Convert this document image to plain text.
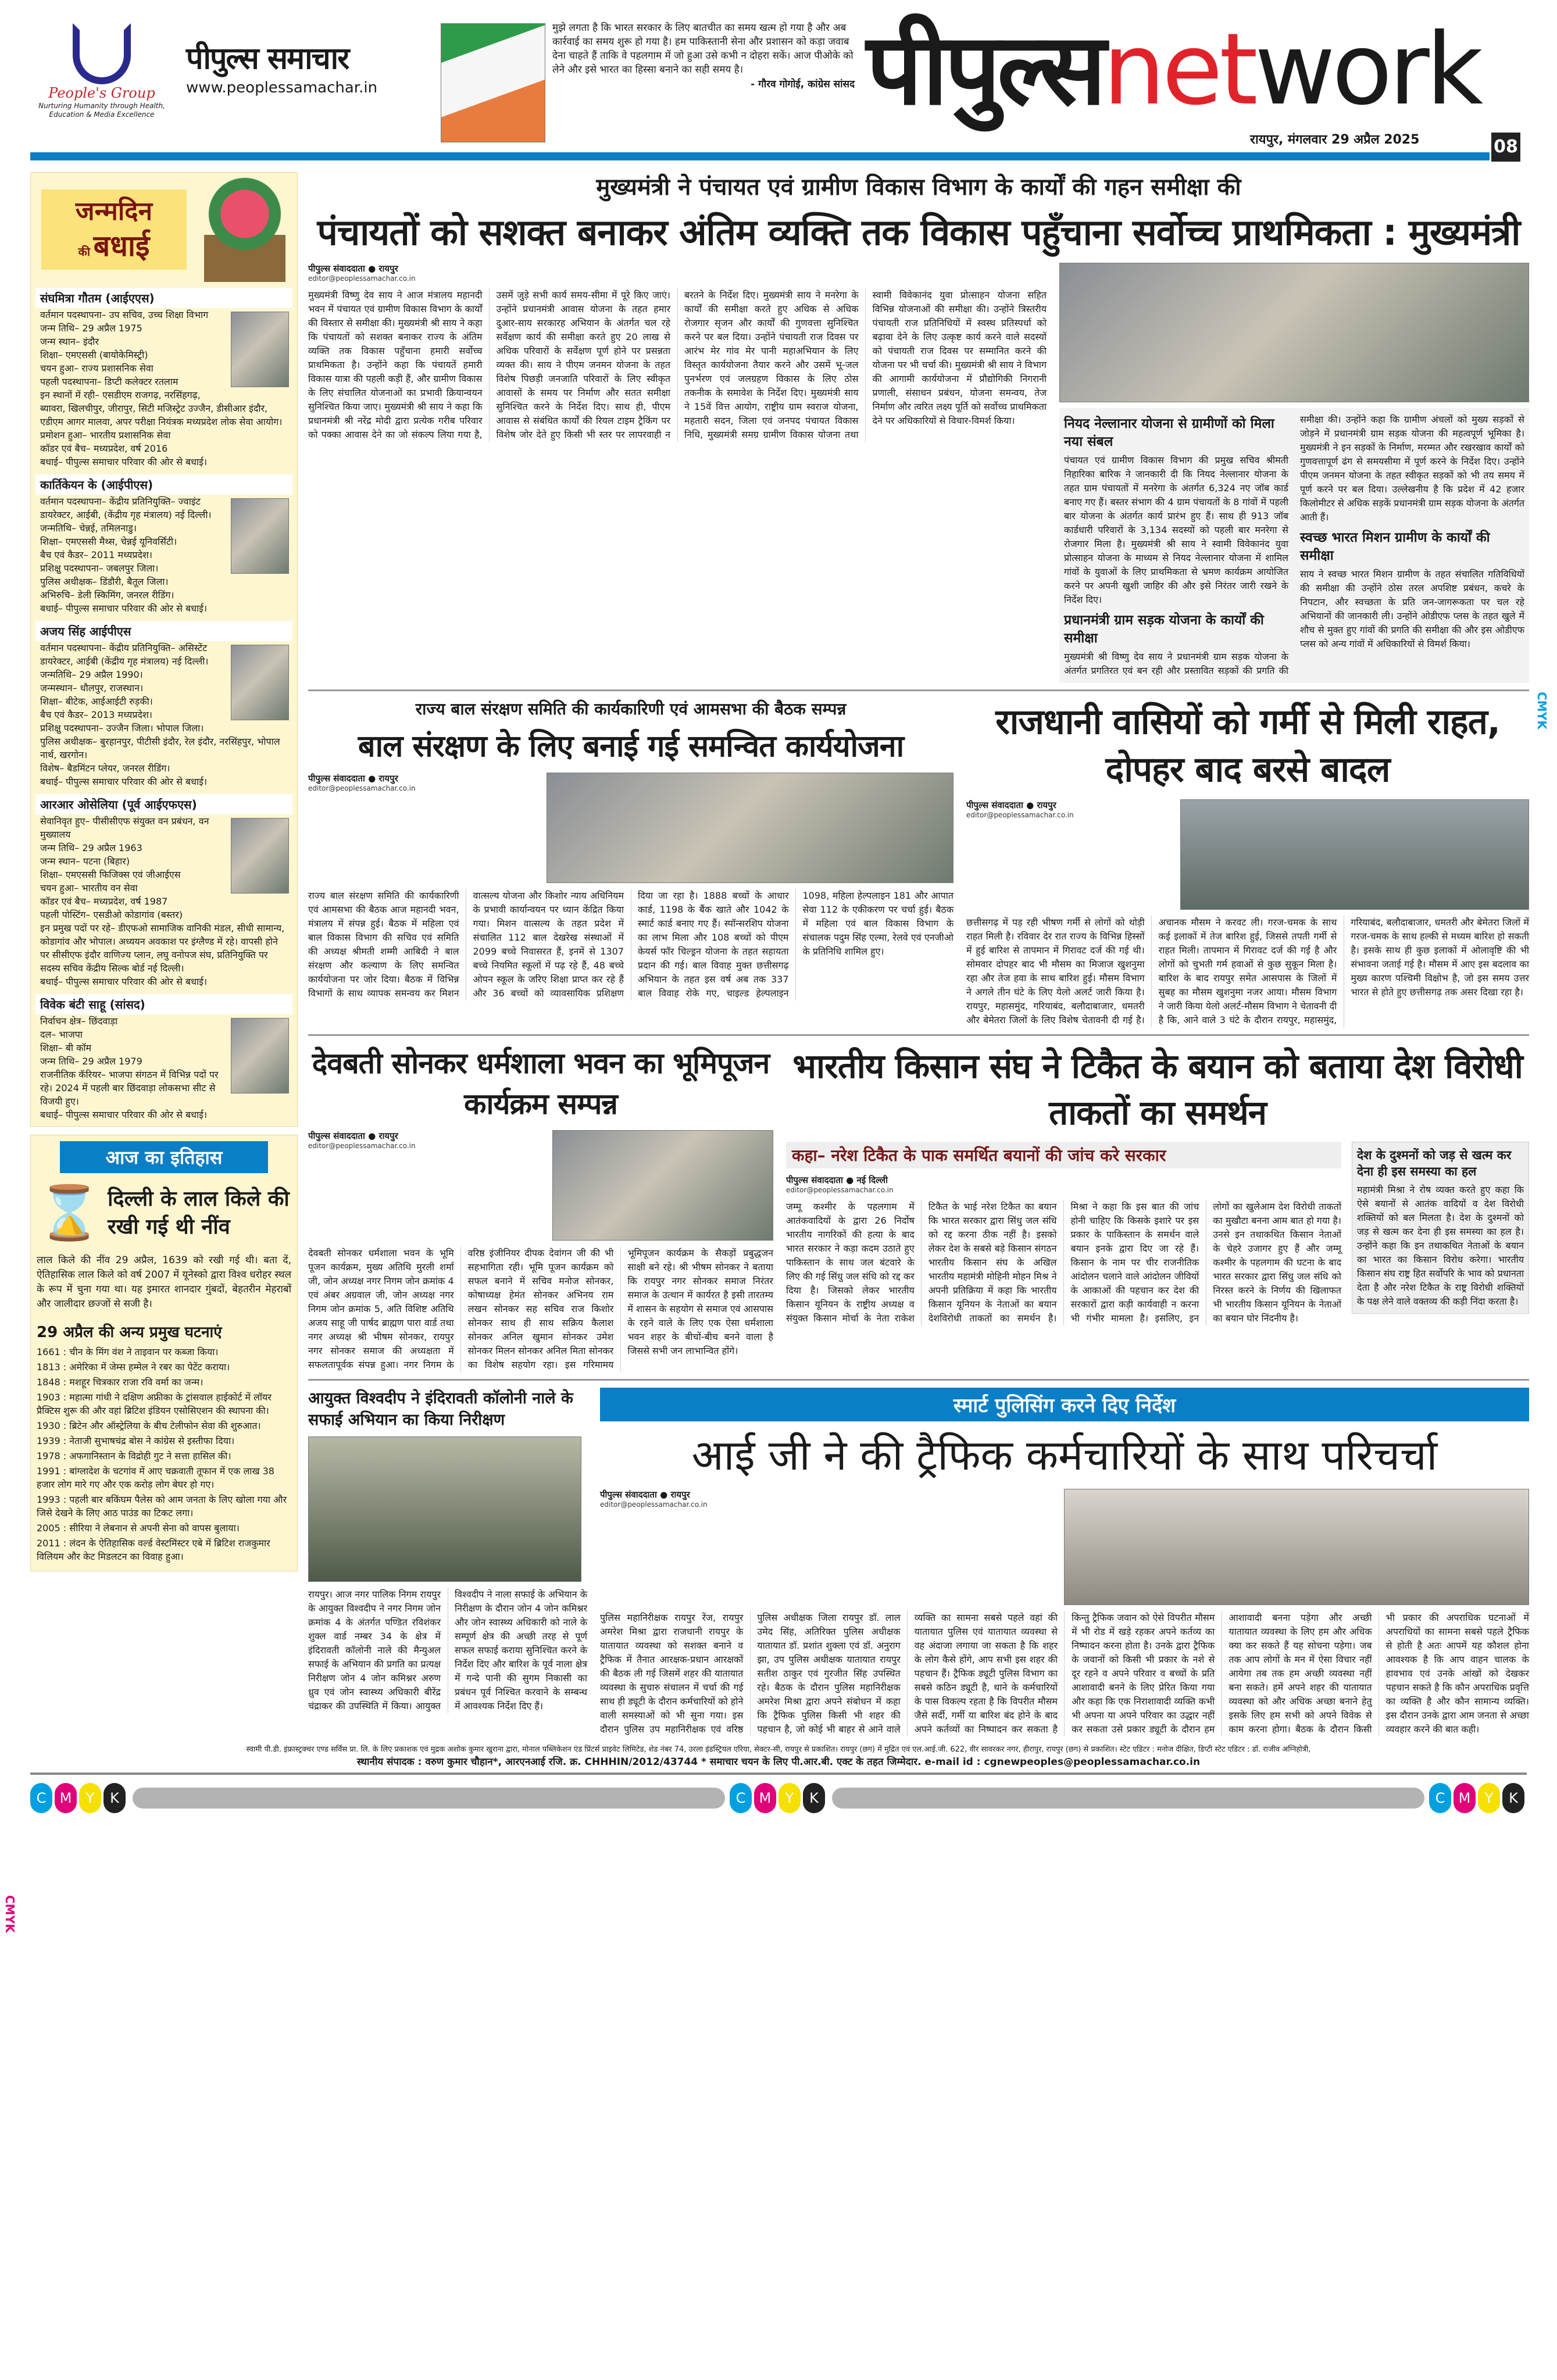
People's Group
Nurturing Humanity through Health, Education & Media Excellence
पीपुल्स समाचार
www.peoplessamachar.in
मुझे लगता है कि भारत सरकार के लिए बातचीत का समय खत्म हो गया है और अब कार्रवाई का समय शुरू हो गया है। हम पाकिस्तानी सेना और प्रशासन को कड़ा जवाब देना चाहते हैं ताकि वे पहलगाम में जो हुआ उसे कभी न दोहरा सकें। आज पीओके को लेने और इसे भारत का हिस्सा बनाने का सही समय है।
- गौरव गोगोई, कांग्रेस सांसद पीपुल्सnetwork
रायपुर, मंगलवार 29 अप्रैल 2025	08
जन्मदिन
की बधाई
संघमित्रा गौतम (आईएएस)
वर्तमान पदस्थापना– उप सचिव, उच्च शिक्षा विभाग
जन्म तिथि– 29 अप्रैल 1975
जन्म स्थान– इंदौर
शिक्षा– एमएससी (बायोकेमिस्ट्री)
चयन हुआ– राज्य प्रशासनिक सेवा
पहली पदस्थापना– डिप्टी कलेक्टर रतलाम
इन स्थानों में रही– एसडीएम राजगढ़, नरसिंहगढ़, ब्यावरा, खिलचीपुर, जीरापुर, सिटी मजिस्ट्रेट उज्जैन, डीसीआर इंदौर, एडीएम आगर मालवा, अपर परीक्षा नियंत्रक मध्यप्रदेश लोक सेवा आयोग।
प्रमोशन हुआ– भारतीय प्रशासनिक सेवा
कॉडर एवं बैच– मध्यप्रदेश, वर्ष 2016
बधाई– पीपुल्स समाचार परिवार की ओर से बधाई।
कार्तिकेयन के (आईपीएस)
वर्तमान पदस्थापना– केंद्रीय प्रतिनियुक्ति– ज्वाइंट डायरेक्टर, आईबी, (केंद्रीय गृह मंत्रालय) नई दिल्ली।
जन्मतिथि– चेन्नई, तमिलनाडु।
शिक्षा– एमएससी मैथ्स, चेन्नई यूनिवर्सिटी।
बैच एवं कैडर– 2011 मध्यप्रदेश।
प्रशिक्षु पदस्थापना– जबलपुर जिला।
पुलिस अधीक्षक– डिंडौरी, बैतूल जिला।
अभिरुचि– डेली स्किमिंग, जनरल रीडिंग।
बधाई– पीपुल्स समाचार परिवार की ओर से बधाई।
अजय सिंह आईपीएस
वर्तमान पदस्थापना– केंद्रीय प्रतिनियुक्ति– असिस्टेंट डायरेक्टर, आईबी (केंद्रीय गृह मंत्रालय) नई दिल्ली।
जन्मतिथि– 29 अप्रैल 1990।
जन्मस्थान– धौलपुर, राजस्थान।
शिक्षा– बीटेक, आईआईटी रुड़की।
बैच एवं कैडर– 2013 मध्यप्रदेश।
प्रशिक्षु पदस्थापना– उज्जैन जिला। भोपाल जिला।
पुलिस अधीक्षक– बुरहानपुर, पीटीसी इंदौर, रेल इंदौर, नरसिंहपुर, भोपाल नार्थ, खरगोन।
विशेष– बैडमिंटन प्लेयर, जनरल रीडिंग।
बधाई– पीपुल्स समाचार परिवार की ओर से बधाई।
आरआर ओसेलिया (पूर्व आईएफएस)
सेवानिवृत हुए– पीसीसीएफ संयुक्त वन प्रबंधन, वन मुख्यालय
जन्म तिथि– 29 अप्रैल 1963
जन्म स्थान– पटना (बिहार)
शिक्षा– एमएससी फिजिक्स एवं जीआईएस
चयन हुआ– भारतीय वन सेवा
कॉडर एवं बैच– मध्यप्रदेश, वर्ष 1987
पहली पोस्टिंग– एसडीओ कोडागांव (बस्तर)
इन प्रमुख पदों पर रहे– डीएफओ सामाजिक वानिकी मंडल, सीधी सामान्य, कोडागांव और भोपाल। अध्ययन अवकाश पर इंग्लैण्ड में रहे। वापसी होने पर सीसीएफ इंदौर वाणिज्य प्लान, लघु वनोपज संघ, प्रतिनियुक्ति पर सदस्य सचिव केंद्रीय सिल्क बोर्ड नई दिल्ली।
बधाई– पीपुल्स समाचार परिवार की ओर से बधाई।
विवेक बंटी साहू (सांसद)
निर्वाचन क्षेत्र– छिंदवाड़ा
दल– भाजपा
शिक्षा– बी कॉम
जन्म तिथि– 29 अप्रैल 1979
राजनीतिक कॅरियर– भाजपा संगठन में विभिन्न पदों पर रहे। 2024 में पहली बार छिंदवाड़ा लोकसभा सीट से विजयी हुए।
बधाई– पीपुल्स समाचार परिवार की ओर से बधाई।
आज का इतिहास
⌛ दिल्ली के लाल किले की रखी गई थी नींव
लाल किले की नींव 29 अप्रैल, 1639 को रखी गई थी। बता दें, ऐतिहासिक लाल किले को वर्ष 2007 में यूनेस्को द्वारा विश्व धरोहर स्थल के रूप में चुना गया था। यह इमारत शानदार गुंबदों, बेहतरीन मेहराबों और जालीदार छज्जों से सजी है।
29 अप्रैल की अन्य प्रमुख घटनाएं
1661 : चीन के मिंग वंश ने ताइवान पर कब्जा किया।
1813 : अमेरिका में जेम्स हम्मेल ने रबर का पेटेंट कराया।
1848 : मशहूर चित्रकार राजा रवि वर्मा का जन्म।
1903 : महात्मा गांधी ने दक्षिण अफ्रीका के ट्रांसवाल हाईकोर्ट में लॉयर प्रैक्टिस शुरू की और वहां ब्रिटिश इंडियन एसोसिएशन की स्थापना की।
1930 : ब्रिटेन और ऑस्ट्रेलिया के बीच टेलीफोन सेवा की शुरुआत।
1939 : नेताजी सुभाषचंद्र बोस ने कांग्रेस से इस्तीफा दिया।
1978 : अफगानिस्तान के विद्रोही गुट ने सत्ता हासिल की।
1991 : बांग्लादेश के चटगांव में आए चक्रवाती तूफान में एक लाख 38 हजार लोग मारे गए और एक करोड़ लोग बेघर हो गए।
1993 : पहली बार बकिंघम पैलेस को आम जनता के लिए खोला गया और जिसे देखने के लिए आठ पाउंड का टिकट लगा।
2005 : सीरिया ने लेबनान से अपनी सेना को वापस बुलाया।
2011 : लंदन के ऐतिहासिक वर्ल्ड वेस्टमिंस्टर एबे में ब्रिटिश राजकुमार विलियम और केट मिडलटन का विवाह हुआ।
मुख्यमंत्री ने पंचायत एवं ग्रामीण विकास विभाग के कार्यों की गहन समीक्षा की
पंचायतों को सशक्त बनाकर अंतिम व्यक्ति तक विकास पहुँचाना सर्वोच्च प्राथमिकता : मुख्यमंत्री
पीपुल्स संवाददाता ● रायपुर
editor@peoplessamachar.co.in
मुख्यमंत्री विष्णु देव साय ने आज मंत्रालय महानदी भवन में पंचायत एवं ग्रामीण विकास विभाग के कार्यों की विस्तार से समीक्षा की। मुख्यमंत्री श्री साय ने कहा कि पंचायतों को सशक्त बनाकर राज्य के अंतिम व्यक्ति तक विकास पहुँचाना हमारी सर्वोच्च प्राथमिकता है। उन्होंने कहा कि पंचायतें हमारी विकास यात्रा की पहली कड़ी हैं, और ग्रामीण विकास के लिए संचालित योजनाओं का प्रभावी क्रियान्वयन सुनिश्चित किया जाए। मुख्यमंत्री श्री साय ने कहा कि प्रधानमंत्री श्री नरेंद्र मोदी द्वारा प्रत्येक गरीब परिवार को पक्का आवास देने का जो संकल्प लिया गया है, उसमें जुड़े सभी कार्य समय-सीमा में पूरे किए जाएं। उन्होंने प्रधानमंत्री आवास योजना के तहत हमार दुआर-साय सरकारह अभियान के अंतर्गत चल रहे सर्वेक्षण कार्य की समीक्षा करते हुए 20 लाख से अधिक परिवारों के सर्वेक्षण पूर्ण होने पर प्रसन्नता व्यक्त की। साय ने पीएम जनमन योजना के तहत विशेष पिछड़ी जनजाति परिवारों के लिए स्वीकृत आवासों के समय पर निर्माण और सतत समीक्षा सुनिश्चित करने के निर्देश दिए। साथ ही, पीएम आवास से संबंधित कार्यों की रियल टाइम ट्रैकिंग पर विशेष जोर देते हुए किसी भी स्तर पर लापरवाही न बरतने के निर्देश दिए। मुख्यमंत्री साय ने मनरेगा के कार्यों की समीक्षा करते हुए अधिक से अधिक रोजगार सृजन और कार्यों की गुणवत्ता सुनिश्चित करने पर बल दिया। उन्होंने पंचायती राज दिवस पर आरंभ मेर गांव मेर पानी महाअभियान के लिए विस्तृत कार्ययोजना तैयार करने और उसमें भू-जल पुनर्भरण एवं जलग्रहण विकास के लिए ठोस तकनीक के समावेश के निर्देश दिए। मुख्यमंत्री साय ने 15वें वित्त आयोग, राष्ट्रीय ग्राम स्वराज योजना, महतारी सदन, जिला एवं जनपद पंचायत विकास निधि, मुख्यमंत्री समग्र ग्रामीण विकास योजना तथा स्वामी विवेकानंद युवा प्रोत्साहन योजना सहित विभिन्न योजनाओं की समीक्षा की। उन्होंने त्रिस्तरीय पंचायती राज प्रतिनिधियों में स्वस्थ प्रतिस्पर्धा को बढ़ावा देने के लिए उत्कृष्ट कार्य करने वाले सदस्यों को पंचायती राज दिवस पर सम्मानित करने की योजना पर भी चर्चा की। मुख्यमंत्री श्री साय ने विभाग की आगामी कार्ययोजना में प्रौद्योगिकी निगरानी प्रणाली, संसाधन प्रबंधन, योजना समन्वय, तेज निर्माण और त्वरित लक्ष्य पूर्ति को सर्वोच्च प्राथमिकता देने पर अधिकारियों से विचार-विमर्श किया।	नियद नेल्लानार योजना से ग्रामीणों को मिला नया संबल
पंचायत एवं ग्रामीण विकास विभाग की प्रमुख सचिव श्रीमती निहारिका बारिक ने जानकारी दी कि नियद नेल्लानार योजना के तहत ग्राम पंचायतों में मनरेगा के अंतर्गत 6,324 नए जॉब कार्ड बनाए गए हैं। बस्तर संभाग की 4 ग्राम पंचायतों के 8 गांवों में पहली बार योजना के अंतर्गत कार्य प्रारंभ हुए हैं। साथ ही 913 जॉब कार्डधारी परिवारों के 3,134 सदस्यों को पहली बार मनरेगा से रोजगार मिला है। मुख्यमंत्री श्री साय ने स्वामी विवेकानंद युवा प्रोत्साहन योजना के माध्यम से नियद नेल्लानार योजना में शामिल गांवों के युवाओं के लिए प्राथमिकता से भ्रमण कार्यक्रम आयोजित करने पर अपनी खुशी जाहिर की और इसे निरंतर जारी रखने के निर्देश दिए।
प्रधानमंत्री ग्राम सड़क योजना के कार्यों की समीक्षा
मुख्यमंत्री श्री विष्णु देव साय ने प्रधानमंत्री ग्राम सड़क योजना के अंतर्गत प्रगतिरत एवं बन रही और प्रस्तावित सड़कों की प्रगति की समीक्षा की। उन्होंने कहा कि ग्रामीण अंचलों को मुख्य सड़कों से जोड़ने में प्रधानमंत्री ग्राम सड़क योजना की महत्वपूर्ण भूमिका है। मुख्यमंत्री ने इन सड़कों के निर्माण, मरम्मत और रखरखाव कार्यों को गुणवत्तापूर्ण ढंग से समयसीमा में पूर्ण करने के निर्देश दिए। उन्होंने पीएम जनमन योजना के तहत स्वीकृत सड़कों को भी तय समय में पूर्ण करने पर बल दिया। उल्लेखनीय है कि प्रदेश में 42 हजार किलोमीटर से अधिक सड़कें प्रधानमंत्री ग्राम सड़क योजना के अंतर्गत आती हैं।
स्वच्छ भारत मिशन ग्रामीण के कार्यों की समीक्षा
साय ने स्वच्छ भारत मिशन ग्रामीण के तहत संचालित गतिविधियों की समीक्षा की उन्होंने ठोस तरल अपशिष्ट प्रबंधन, कचरे के निपटान, और स्वच्छता के प्रति जन-जागरूकता पर चल रहे अभियानों की जानकारी ली। उन्होंने ओडीएफ प्लस के तहत खुले में शौच से मुक्त हुए गांवों की प्रगति की समीक्षा की और इस ओडीएफ प्लस को अन्य गांवों में अधिकारियों से विमर्श किया।
राज्य बाल संरक्षण समिति की कार्यकारिणी एवं आमसभा की बैठक सम्पन्न
बाल संरक्षण के लिए बनाई गई समन्वित कार्ययोजना
पीपुल्स संवाददाता ● रायपुर
editor@peoplessamachar.co.in
राज्य बाल संरक्षण समिति की कार्यकारिणी एवं आमसभा की बैठक आज महानदी भवन, मंत्रालय में संपन्न हुई। बैठक में महिला एवं बाल विकास विभाग की सचिव एवं समिति की अध्यक्ष श्रीमती शम्मी आबिदी ने बाल संरक्षण और कल्याण के लिए समन्वित कार्ययोजना पर जोर दिया। बैठक में विभिन्न विभागों के साथ व्यापक समन्वय कर मिशन वात्सल्य योजना और किशोर न्याय अधिनियम के प्रभावी कार्यान्वयन पर ध्यान केंद्रित किया गया। मिशन वात्सल्य के तहत प्रदेश में संचालित 112 बाल देखरेख संस्थाओं में 2099 बच्चे निवासरत हैं, इनमें से 1307 बच्चे नियमित स्कूलों में पढ़ रहे हैं, 48 बच्चे ओपन स्कूल के जरिए शिक्षा प्राप्त कर रहे हैं और 36 बच्चों को व्यावसायिक प्रशिक्षण दिया जा रहा है। 1888 बच्चों के आधार कार्ड, 1198 के बैंक खाते और 1042 के स्मार्ट कार्ड बनाए गए हैं। स्पॉन्सरशिप योजना का लाभ मिला और 108 बच्चों को पीएम केयर्स फॉर चिल्ड्रन योजना के तहत सहायता प्रदान की गई। बाल विवाह मुक्त छत्तीसगढ़ अभियान के तहत इस वर्ष अब तक 337 बाल विवाह रोके गए, चाइल्ड हेल्पलाइन 1098, महिला हेल्पलाइन 181 और आपात सेवा 112 के एकीकरण पर चर्चा हुई। बैठक में महिला एवं बाल विकास विभाग के संचालक पदुम सिंह एल्मा, रेलवे एवं एनजीओ के प्रतिनिधि शामिल हुए।
राजधानी वासियों को गर्मी से मिली राहत, दोपहर बाद बरसे बादल
पीपुल्स संवाददाता ● रायपुर
editor@peoplessamachar.co.in
छत्तीसगढ़ में पड़ रही भीषण गर्मी से लोगों को थोड़ी राहत मिली है। रविवार देर रात राज्य के विभिन्न हिस्सों में हुई बारिश से तापमान में गिरावट दर्ज की गई थी। सोमवार दोपहर बाद भी मौसम का मिजाज खुशनुमा रहा और तेज हवा के साथ बारिश हुई। मौसम विभाग ने अगले तीन घंटे के लिए येलो अलर्ट जारी किया है। रायपुर, महासमुंद, गरियाबंद, बलौदाबाजार, धमतरी और बेमेतरा जिलों के लिए विशेष चेतावनी दी गई है। अचानक मौसम ने करवट ली। गरज-चमक के साथ कई इलाकों में तेज बारिश हुई, जिससे तपती गर्मी से राहत मिली। तापमान में गिरावट दर्ज की गई है और लोगों को चुभती गर्म हवाओं से कुछ सुकून मिला है। बारिश के बाद रायपुर समेत आसपास के जिलों में सुबह का मौसम खुशनुमा नजर आया। मौसम विभाग ने जारी किया येलो अलर्ट-मौसम विभाग ने चेतावनी दी है कि, आने वाले 3 घंटे के दौरान रायपुर, महासमुंद, गरियाबंद, बलौदाबाजार, धमतरी और बेमेतरा जिलों में गरज-चमक के साथ हल्की से मध्यम बारिश हो सकती है। इसके साथ ही कुछ इलाकों में ओलावृष्टि की भी संभावना जताई गई है। मौसम में आए इस बदलाव का मुख्य कारण पश्चिमी विक्षोभ है, जो इस समय उत्तर भारत से होते हुए छत्तीसगढ़ तक असर दिखा रहा है।
देवबती सोनकर धर्मशाला भवन का भूमिपूजन कार्यक्रम सम्पन्न
पीपुल्स संवाददाता ● रायपुर
editor@peoplessamachar.co.in
देवबती सोनकर धर्मशाला भवन के भूमि पूजन कार्यक्रम, मुख्य अतिथि मुरली शर्मा जी, जोन अध्यक्ष नगर निगम जोन क्रमांक 4 एवं अंबर अग्रवाल जी, जोन अध्यक्ष नगर निगम जोन क्रमांक 5, अति विशिष्ट अतिथि अजय साहू जी पार्षद ब्राह्मण पारा वार्ड तथा नगर अध्यक्ष श्री भीषम सोनकर, रायपुर नगर सोनकर समाज की अध्यक्षता में सफलतापूर्वक संपन्न हुआ। नगर निगम के वरिष्ठ इंजीनियर दीपक देवांगन जी की भी सहभागिता रही। भूमि पूजन कार्यक्रम को सफल बनाने में सचिव मनोज सोनकर, कोषाध्यक्ष हेमंत सोनकर अभिनय राम लखन सोनकर सह सचिव राज किशोर सोनकर साथ ही साथ सक्रिय कैलाश सोनकर अनिल खुमान सोनकर उमेश सोनकर मिलन सोनकर अनिल मिता सोनकर का विशेष सहयोग रहा। इस गरिमामय भूमिपूजन कार्यक्रम के सैकड़ों प्रबुद्धजन साक्षी बने रहे। श्री भीषम सोनकर ने बताया कि रायपुर नगर सोनकर समाज निरंतर समाज के उत्थान में कार्यरत है इसी तारतम्य में शासन के सहयोग से समाज एवं आसपास के रहने वाले के लिए एक ऐसा धर्मशाला भवन शहर के बीचों-बीच बनने वाला है जिससे सभी जन लाभान्वित होंगे।
भारतीय किसान संघ ने टिकैत के बयान को बताया देश विरोधी ताकतों का समर्थन
कहा– नरेश टिकैत के पाक समर्थित बयानों की जांच करे सरकार
पीपुल्स संवाददाता ● नई दिल्ली
editor@peoplessamachar.co.in
जम्मू कश्मीर के पहलगाम में आतंकवादियों के द्वारा 26 निर्दोष भारतीय नागरिकों की हत्या के बाद भारत सरकार ने कड़ा कदम उठाते हुए पाकिस्तान के साथ जल बंटवारे के लिए की गई सिंधु जल संधि को रद्द कर दिया है। जिसको लेकर भारतीय किसान यूनियन के राष्ट्रीय अध्यक्ष व संयुक्त किसान मोर्चा के नेता राकेश टिकैत के भाई नरेश टिकैत का बयान कि भारत सरकार द्वारा सिंधु जल संधि को रद्द करना ठीक नहीं है। इसको लेकर देश के सबसे बड़े किसान संगठन भारतीय किसान संघ के अखिल भारतीय महामंत्री मोहिनी मोहन मिश्र ने अपनी प्रतिक्रिया में कहा कि भारतीय किसान यूनियन के नेताओं का बयान देशविरोधी ताकतों का समर्थन है। मिश्रा ने कहा कि इस बात की जांच होनी चाहिए कि किसके इशारे पर इस प्रकार के पाकिस्तान के समर्थन वाले बयान इनके द्वारा दिए जा रहे हैं। किसान के नाम पर चीर राजनीतिक आंदोलन चलाने वाले आंदोलन जीवियों के आकाओं की पहचान कर देश की सरकारों द्वारा कड़ी कार्यवाही न करना भी गंभीर मामला है। इसलिए, इन लोगों का खुलेआम देश विरोधी ताकतों का मुखौटा बनना आम बात हो गया है। उनसे इन तथाकथित किसान नेताओं के चेहरे उजागर हुए हैं और जम्मू कश्मीर के पहलगाम की घटना के बाद भारत सरकार द्वारा सिंधु जल संधि को निरस्त करने के निर्णय की खिलाफत भी भारतीय किसान यूनियन के नेताओं का बयान घोर निंदनीय है।
देश के दुश्मनों को जड़ से खत्म कर देना ही इस समस्या का हल
महामंत्री मिश्रा ने रोष व्यक्त करते हुए कहा कि ऐसे बयानों से आतंक वादियों व देश विरोधी शक्तियों को बल मिलता है। देश के दुश्मनों को जड़ से खत्म कर देना ही इस समस्या का हल है। उन्होंने कहा कि इन तथाकथित नेताओं के बयान का भारत का किसान विरोध करेगा। भारतीय किसान संघ राष्ट्र हित सर्वोपरि के भाव को प्रधानता देता है और नरेश टिकैत के राष्ट्र विरोधी शक्तियों के पक्ष लेने वाले वक्तव्य की कड़ी निंदा करता है।
आयुक्त विश्वदीप ने इंदिरावती कॉलोनी नाले के सफाई अभियान का किया निरीक्षण
रायपुर। आज नगर पालिक निगम रायपुर के आयुक्त विश्वदीप ने नगर निगम जोन क्रमांक 4 के अंतर्गत पण्डित रविशंकर शुक्ल वार्ड नम्बर 34 के क्षेत्र में इंदिरावती कॉलोनी नाले की मैन्युअल सफाई के अभियान की प्रगति का प्रत्यक्ष निरीक्षण जोन 4 जोन कमिश्नर अरुण ध्रुव एवं जोन स्वास्थ्य अधिकारी बीरेंद्र चंद्राकर की उपस्थिति में किया। आयुक्त विश्वदीप ने नाला सफाई के अभियान के निरीक्षण के दौरान जोन 4 जोन कमिश्नर और जोन स्वास्थ्य अधिकारी को नाले के सम्पूर्ण क्षेत्र की अच्छी तरह से पूर्ण सफल सफाई कराया सुनिश्चित करने के निर्देश दिए और बारिश के पूर्व नाला क्षेत्र में गन्दे पानी की सुगम निकासी का प्रबंधन पूर्व निश्चित करवाने के सम्बन्ध में आवश्यक निर्देश दिए हैं।
स्मार्ट पुलिसिंग करने दिए निर्देश
आई जी ने की ट्रैफिक कर्मचारियों के साथ परिचर्चा
पीपुल्स संवाददाता ● रायपुर
editor@peoplessamachar.co.in
पुलिस महानिरीक्षक रायपुर रेंज, रायपुर अमरेश मिश्रा द्वारा राजधानी रायपुर के यातायात व्यवस्था को सशक्त बनाने व ट्रैफिक में तैनात आरक्षक-प्रधान आरक्षकों की बैठक ली गई जिसमें शहर की यातायात व्यवस्था के सुचारु संचालन में चर्चा की गई साथ ही ड्यूटी के दौरान कर्मचारियों को होने वाली समस्याओं को भी सुना गया। इस दौरान पुलिस उप महानिरीक्षक एवं वरिष्ठ पुलिस अधीक्षक जिला रायपुर डॉ. लाल उमेद सिंह, अतिरिक्त पुलिस अधीक्षक यातायात डॉ. प्रशांत शुक्ला एवं डॉ. अनुराग झा, उप पुलिस अधीक्षक यातायात रायपुर सतीश ठाकुर एवं गुरजीत सिंह उपस्थित रहे। बैठक के दौरान पुलिस महानिरीक्षक अमरेश मिश्रा द्वारा अपने संबोधन में कहा कि ट्रैफिक पुलिस किसी भी शहर की पहचान है, जो कोई भी बाहर से आने वाले व्यक्ति का सामना सबसे पहले वहां की यातायात पुलिस एवं यातायात व्यवस्था से वह अंदाजा लगाया जा सकता है कि शहर के लोग कैसे होंगे, आप सभी इस शहर की पहचान हैं। ट्रैफिक ड्यूटी पुलिस विभाग का सबसे कठिन ड्यूटी है, थाने के कर्मचारियों के पास विकल्प रहता है कि विपरीत मौसम जैसे सर्दी, गर्मी या बारिश बंद होने के बाद अपने कर्तव्यों का निष्पादन कर सकता है किन्तु ट्रैफिक जवान को ऐसे विपरीत मौसम में भी रोड में खड़े रहकर अपने कर्तव्य का निष्पादन करना होता है। उनके द्वारा ट्रैफिक के जवानों को किसी भी प्रकार के नशे से दूर रहने व अपने परिवार व बच्चों के प्रति आशावादी बनने के लिए प्रेरित किया गया और कहा कि एक निराशावादी व्यक्ति कभी भी अपना या अपने परिवार का उद्धार नहीं कर सकता उसे प्रकार ड्यूटी के दौरान हम आशावादी बनना पड़ेगा और अच्छी यातायात व्यवस्था के लिए हम और अधिक क्या कर सकते हैं यह सोचना पड़ेगा। जब तक आप लोगों के मन में ऐसा विचार नहीं आयेगा तब तक हम अच्छी व्यवस्था नहीं बना सकते। हमें अपने शहर की यातायात व्यवस्था को और अधिक अच्छा बनाने हेतु इसके लिए हम सभी को अपने विवेक से काम करना होगा। बैठक के दौरान किसी भी प्रकार की अपराधिक घटनाओं में अपराधियों का सामना सबसे पहले ट्रैफिक से होती है अतः आपमें यह कौशल होना आवश्यक है कि आप वाहन चालक के हावभाव एवं उनके आंखों को देखकर पहचान सकते है कि कौन अपराधिक प्रवृत्ति का व्यक्ति है और कौन सामान्य व्यक्ति। इस दौरान उनके द्वारा आम जनता से अच्छा व्यवहार करने की बात कही।
स्वामी पी.डी. इंफ्रास्ट्रक्चर एण्ड सर्विस प्रा. लि. के लिए प्रकाशक एवं मुद्रक अशोक कुमार खुराना द्वारा, मोनाल पब्लिकेशन एंड प्रिंटर्स प्राइवेट लिमिटेड, शेड नंबर 74, उरला इंडस्ट्रियल एरिया, सेक्टर-सी, रायपुर से प्रकाशित। रायपुर (छग) में मुद्रित एवं एल.आई.जी. 622, वीर सावरकर नगर, हीरापुर, रायपुर (छग) से प्रकाशित। स्टेट एडिटर : मनोज दीक्षित, डिप्टी स्टेट एडिटर : डॉ. राजीव अग्निहोत्री,
स्थानीय संपादक : वरुण कुमार चौहान*, आरएनआई रजि. क्र. CHHHIN/2012/43744 * समाचार चयन के लिए पी.आर.बी. एक्ट के तहत जिम्मेदार. e-mail id : cgnewpeoples@peoplessamachar.co.in
C M	Y	K	C M	Y	K	C M	Y	K
CMYK
CMYK
